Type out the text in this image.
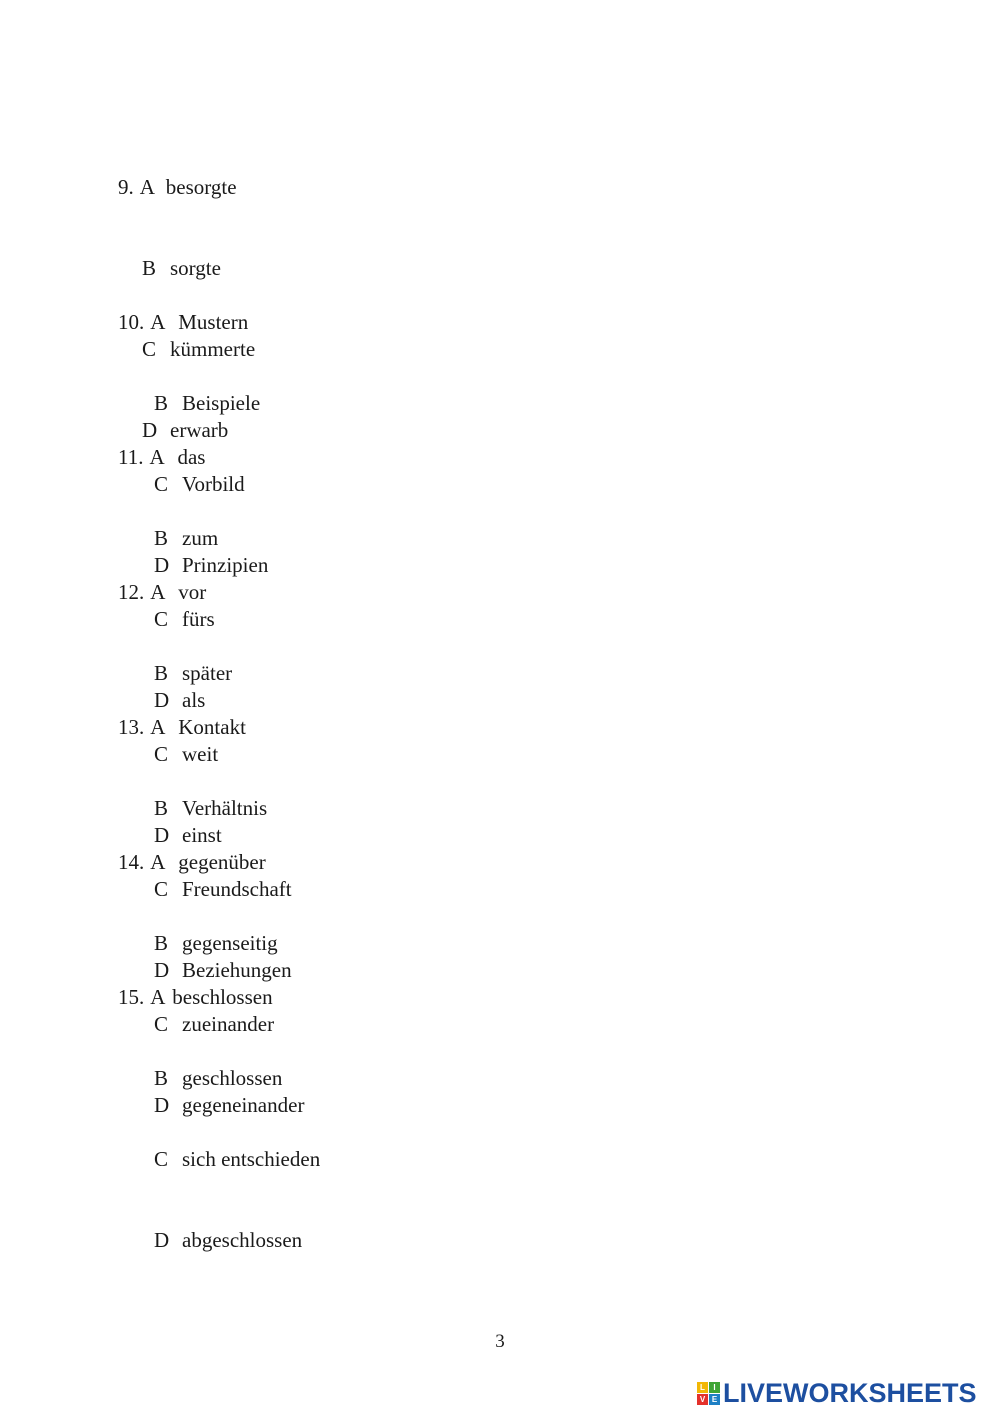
9. A besorgte

B sorgte

C kümmerte

D erwarb

10. A Mustern

B Beispiele

C Vorbild

D Prinzipien

11. A das

B zum

C fürs

D als

12. A vor

B später

C weit

D einst

13. A Kontakt

B Verhältnis

C Freundschaft

D Beziehungen

14. A gegenüber

B gegenseitig

C zueinander

D gegeneinander

15. A beschlossen

B geschlossen

C sich entschieden

D abgeschlossen

3
L	I
V E LIVEWORKSHEETS
